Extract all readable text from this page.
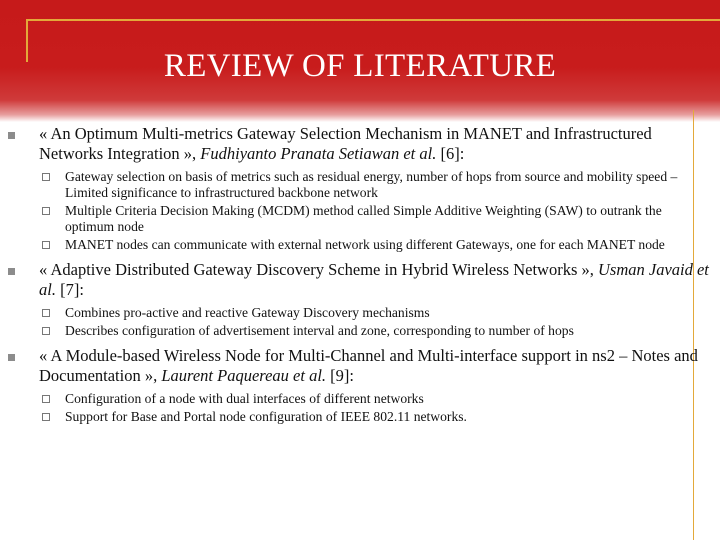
REVIEW OF LITERATURE
« An Optimum Multi-metrics Gateway Selection Mechanism in MANET and Infrastructured Networks Integration », Fudhiyanto Pranata Setiawan et al. [6]:
Gateway selection on basis of metrics such as residual energy, number of hops from source and mobility speed – Limited significance to infrastructured backbone network
Multiple Criteria Decision Making (MCDM) method called Simple Additive Weighting (SAW) to outrank the optimum node
MANET nodes can communicate with external network using different Gateways, one for each MANET node
« Adaptive Distributed Gateway Discovery Scheme in Hybrid Wireless Networks », Usman Javaid et al. [7]:
Combines pro-active and reactive Gateway Discovery mechanisms
Describes configuration of advertisement interval and zone, corresponding to number of hops
« A Module-based Wireless Node for Multi-Channel and Multi-interface support in ns2 – Notes and Documentation », Laurent Paquereau et al. [9]:
Configuration of a node with dual interfaces of different networks
Support for Base and Portal node configuration of IEEE 802.11 networks.
